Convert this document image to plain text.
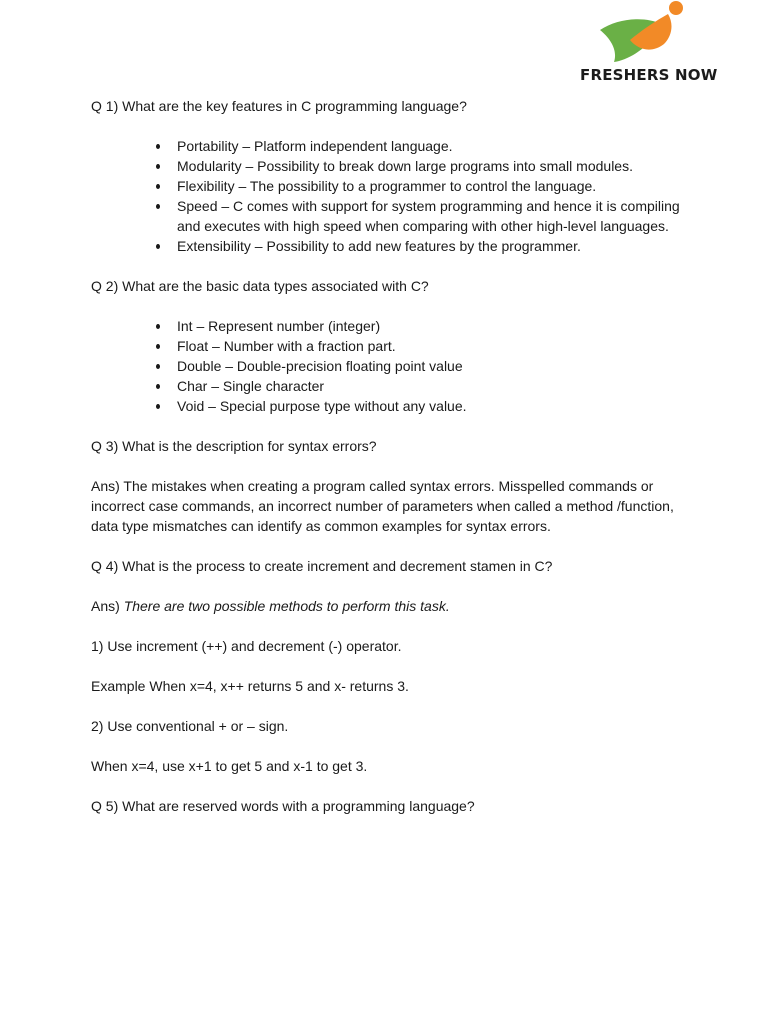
FRESHERS NOW

Q 1) What are the key features in C programming language?

Portability – Platform independent language.
Modularity – Possibility to break down large programs into small modules.
Flexibility – The possibility to a programmer to control the language.
Speed – C comes with support for system programming and hence it is compiling and executes with high speed when comparing with other high-level languages.
Extensibility – Possibility to add new features by the programmer.

Q 2) What are the basic data types associated with C?

Int – Represent number (integer)
Float – Number with a fraction part.
Double – Double-precision floating point value
Char – Single character
Void – Special purpose type without any value.

Q 3) What is the description for syntax errors?

Ans) The mistakes when creating a program called syntax errors. Misspelled commands or incorrect case commands, an incorrect number of parameters when called a method /function, data type mismatches can identify as common examples for syntax errors.

Q 4) What is the process to create increment and decrement stamen in C?

Ans) There are two possible methods to perform this task.

1) Use increment (++) and decrement (-) operator.

Example When x=4, x++ returns 5 and x- returns 3.

2) Use conventional + or – sign.

When x=4, use x+1 to get 5 and x-1 to get 3.

Q 5) What are reserved words with a programming language?
